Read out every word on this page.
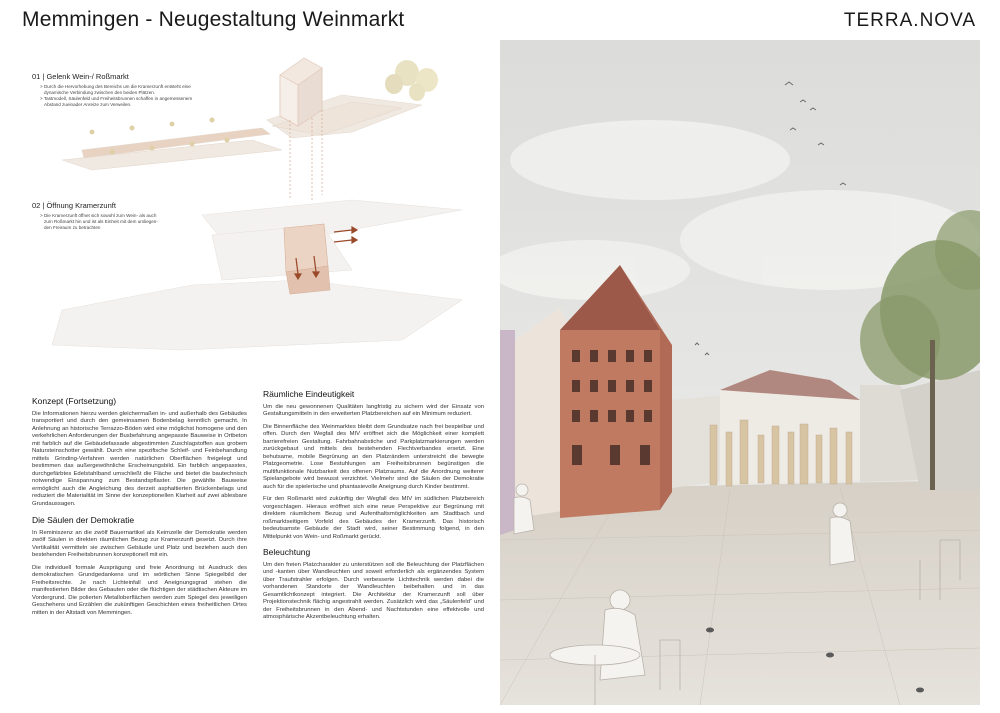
Memmingen - Neugestaltung Weinmarkt	TERRA.NOVA
01 | Gelenk Wein-/ Roßmarkt
> Durch die Hervorhebung des Bereichs um die Kramerzunft entsteht eine
dynamische Verbindung zwischen den beiden Plätzen.
> Tastmodell, Säulenfeld und Freiheitsbrunnen schaffen in angemessenem
Abstand zueinader Anreize zum Verweilen.
02 | Öffnung Kramerzunft
> Die Kramerzunft öffnet sich sowohl zum Wein- als auch
zum Roßmarkt hin und ist als Einheit mit dem umliegen-
den Freiraum zu betrachten
Konzept (Fortsetzung)

Die Informationen hierzu werden gleichermaßen in- und außerhalb des Gebäudes transportiert und durch den gemeinsamen Bodenbelag kenntlich gemacht. In Anlehnung an historische Terrazzo-Böden wird eine möglichst homogene und den verkehrlichen Anforderungen der Busbefahrung angepasste Bauweise in Ortbeton mit farblich auf die Gebäudefassade abgestimmten Zuschlagstoffen aus grobem Natursteinschotter gewählt. Durch eine spezifische Schleif- und Feinbehandlung mittels Grinding-Verfahren werden natürlichen Oberflächen freigelegt und bestimmen das außergewöhnliche Erscheinungsbild. Ein farblich angepasstes, durchgefärbtes Edelstahlband umschließt die Fläche und bietet die bautechnisch notwendige Einspannung zum Bestandspflaster. Die gewählte Bauweise ermöglicht auch die Angleichung des derzeit asphaltierten Brückenbelags und reduziert die Materialität im Sinne der konzeptionellen Klarheit auf zwei ablesbare Grundaussagen.

Die Säulen der Demokratie

In Reminiszenz an die zwölf Bauernartikel als Keimzelle der Demokratie werden zwölf Säulen in direkten räumlichen Bezug zur Kramerzunft gesetzt. Durch ihre Vertikalität vermitteln sie zwischen Gebäude und Platz und beziehen auch den bestehenden Freiheitsbrunnen konzeptionell mit ein.

Die individuell formale Ausprägung und freie Anordnung ist Ausdruck des demokratischen Grundgedankens und im wörtlichen Sinne Spiegelbild der Freiheitsrechte. Je nach Lichteinfall und Aneignungsgrad stehen die manifestierten Bilder des Gebauten oder die flüchtigen der städtischen Akteure im Vordergrund. Die polierten Metalloberflächen werden zum Spiegel des jeweiligen Geschehens und Erzählen die zukünftigen Geschichten eines freiheitlichen Ortes mitten in der Altstadt von Memmingen.

Räumliche Eindeutigkeit

Um die neu gewonnenen Qualitäten langfristig zu sichern wird der Einsatz von Gestaltungsmitteln in den erweiterten Platzbereichen auf ein Minimum reduziert.

Die Binnenfläche des Weinmarktes bleibt dem Grundsatze nach frei bespielbar und offen. Durch den Wegfall des MIV eröffnet sich die Möglichkeit einer komplett barrierefreien Gestaltung. Fahrbahnabstiche und Parkplatzmarkierungen werden zurückgebaut und mittels des bestehenden Flechtverbandes ersetzt. Eine behutsame, mobile Begrünung an den Platzrändern unterstreicht die bewegte Platzgeometrie. Lose Bestuhlungen am Freiheitsbrunnen begünstigen die multifunktionale Nutzbarkeit des offenen Platzraums. Auf die Anordnung weiterer Spielangebote wird bewusst verzichtet. Vielmehr sind die Säulen der Demokratie auch für die spielerische und phantasievolle Aneignung durch Kinder bestimmt.

Für den Roßmarkt wird zukünftig der Wegfall des MIV im südlichen Platzbereich vorgeschlagen. Hieraus eröffnet sich eine neue Perspektive zur Begrünung mit direktem räumlichem Bezug und Aufenthaltsmöglichkeiten am Stadtbach und roßmarktseitigem Vorfeld des Gebäudes der Kramerzunft. Das historisch bedeutsamste Gebäude der Stadt wird, seiner Bestimmung folgend, in den Mittelpunkt von Wein- und Roßmarkt gerückt.

Beleuchtung

Um den freien Platzcharakter zu unterstützen soll die Beleuchtung der Platzflächen und -kanten über Wandleuchten und soweit erforderlich als ergänzendes System über Traufstrahler erfolgen. Durch verbesserte Lichttechnik werden dabei die vorhandenen Standorte der Wandleuchten beibehalten und in das Gesamtlichtkonzept integriert. Die Architektur der Kramerzunft soll über Projektionstechnik flächig angestrahlt werden. Zusätzlich wird das „Säulenfeld“ und der Freiheitsbrunnen in den Abend- und Nachtstunden eine effektvolle und atmosphärische Akzentbeleuchtung erhalten.
